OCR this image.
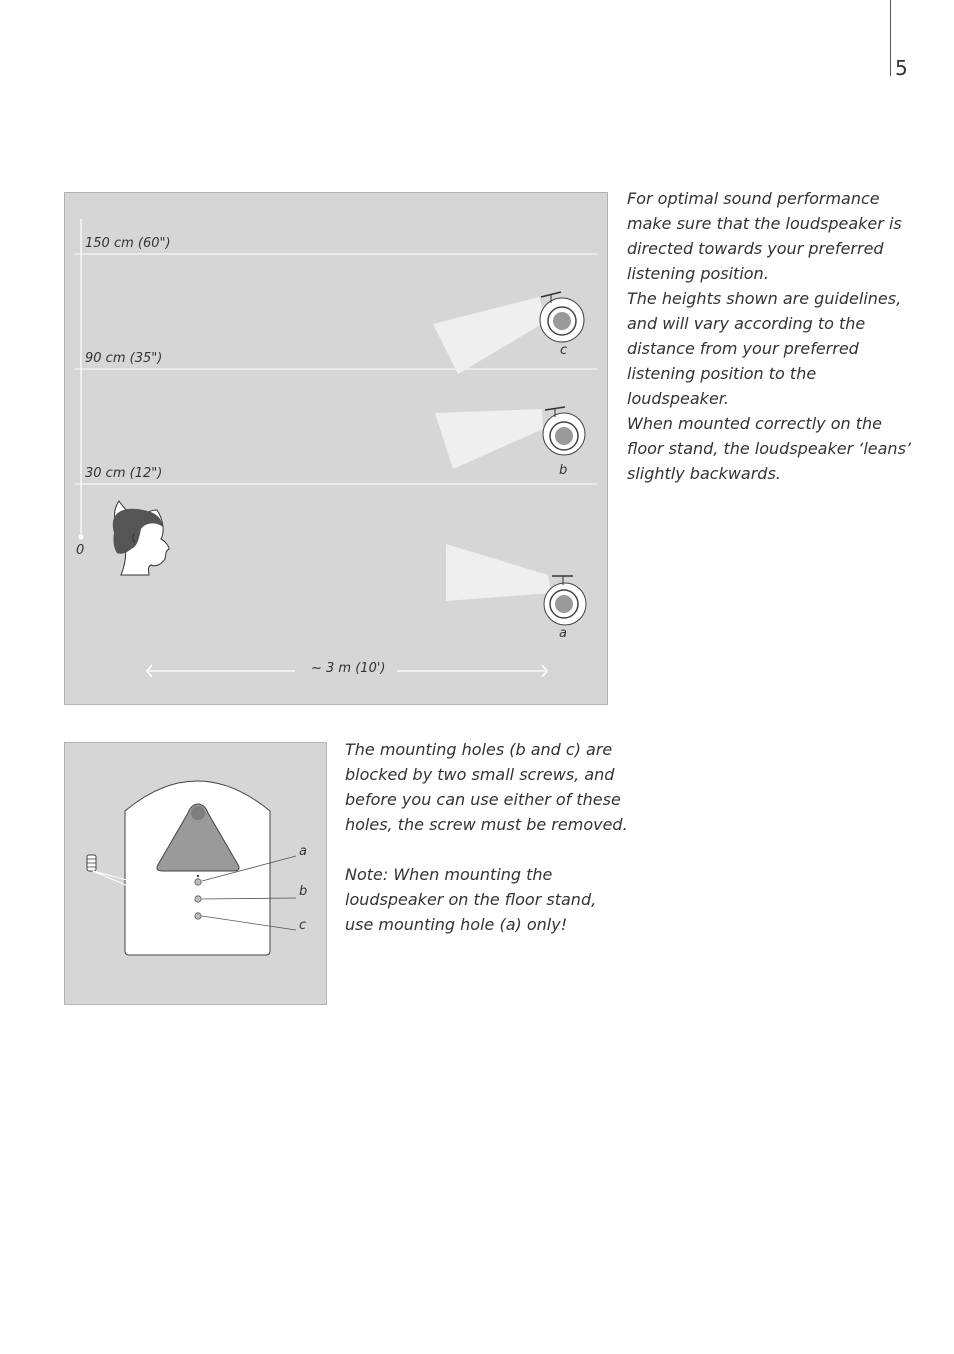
5
150 cm (60")
90 cm (35")
30 cm (12")
0
c
b
a
~ 3 m (10')

For optimal sound performance
make sure that the loudspeaker is
directed towards your preferred
listening position.
The heights shown are guidelines,
and will vary according to the
distance from your preferred
listening position to the
loudspeaker.
When mounted correctly on the
floor stand, the loudspeaker ‘leans’
slightly backwards.

a
b
c

The mounting holes (b and c) are
blocked by two small screws, and
before you can use either of these
holes, the screw must be removed.

Note: When mounting the
loudspeaker on the floor stand,
use mounting hole (a) only!
